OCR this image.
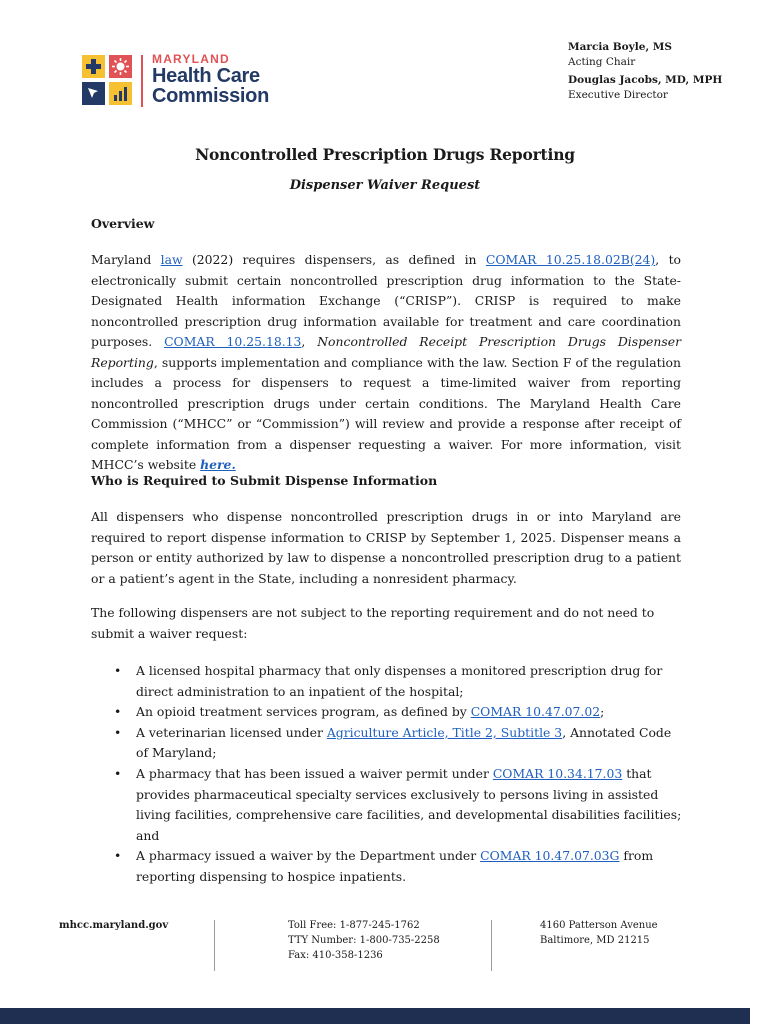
MARYLAND
Health Care
Commission
Marcia Boyle, MS
Acting Chair
Douglas Jacobs, MD, MPH
Executive Director
Noncontrolled Prescription Drugs Reporting
Dispenser Waiver Request
Overview

Maryland law (2022) requires dispensers, as defined in COMAR 10.25.18.02B(24), to electronically submit certain noncontrolled prescription drug information to the State-Designated Health information Exchange (“CRISP”). CRISP is required to make noncontrolled prescription drug information available for treatment and care coordination purposes. COMAR 10.25.18.13, Noncontrolled Receipt Prescription Drugs Dispenser Reporting, supports implementation and compliance with the law. Section F of the regulation includes a process for dispensers to request a time-limited waiver from reporting noncontrolled prescription drugs under certain conditions. The Maryland Health Care Commission (“MHCC” or “Commission”) will review and provide a response after receipt of complete information from a dispenser requesting a waiver. For more information, visit MHCC’s website here.

Who is Required to Submit Dispense Information

All dispensers who dispense noncontrolled prescription drugs in or into Maryland are required to report dispense information to CRISP by September 1, 2025. Dispenser means a person or entity authorized by law to dispense a noncontrolled prescription drug to a patient or a patient’s agent in the State, including a nonresident pharmacy.

The following dispensers are not subject to the reporting requirement and do not need to submit a waiver request:

• A licensed hospital pharmacy that only dispenses a monitored prescription drug for direct administration to an inpatient of the hospital;
• An opioid treatment services program, as defined by COMAR 10.47.07.02;
• A veterinarian licensed under Agriculture Article, Title 2, Subtitle 3, Annotated Code of Maryland;
• A pharmacy that has been issued a waiver permit under COMAR 10.34.17.03 that provides pharmaceutical specialty services exclusively to persons living in assisted living facilities, comprehensive care facilities, and developmental disabilities facilities; and
• A pharmacy issued a waiver by the Department under COMAR 10.47.07.03G from reporting dispensing to hospice inpatients.
mhcc.maryland.gov	Toll Free: 1-877-245-1762
TTY Number: 1-800-735-2258
Fax: 410-358-1236
4160 Patterson Avenue
Baltimore, MD 21215
